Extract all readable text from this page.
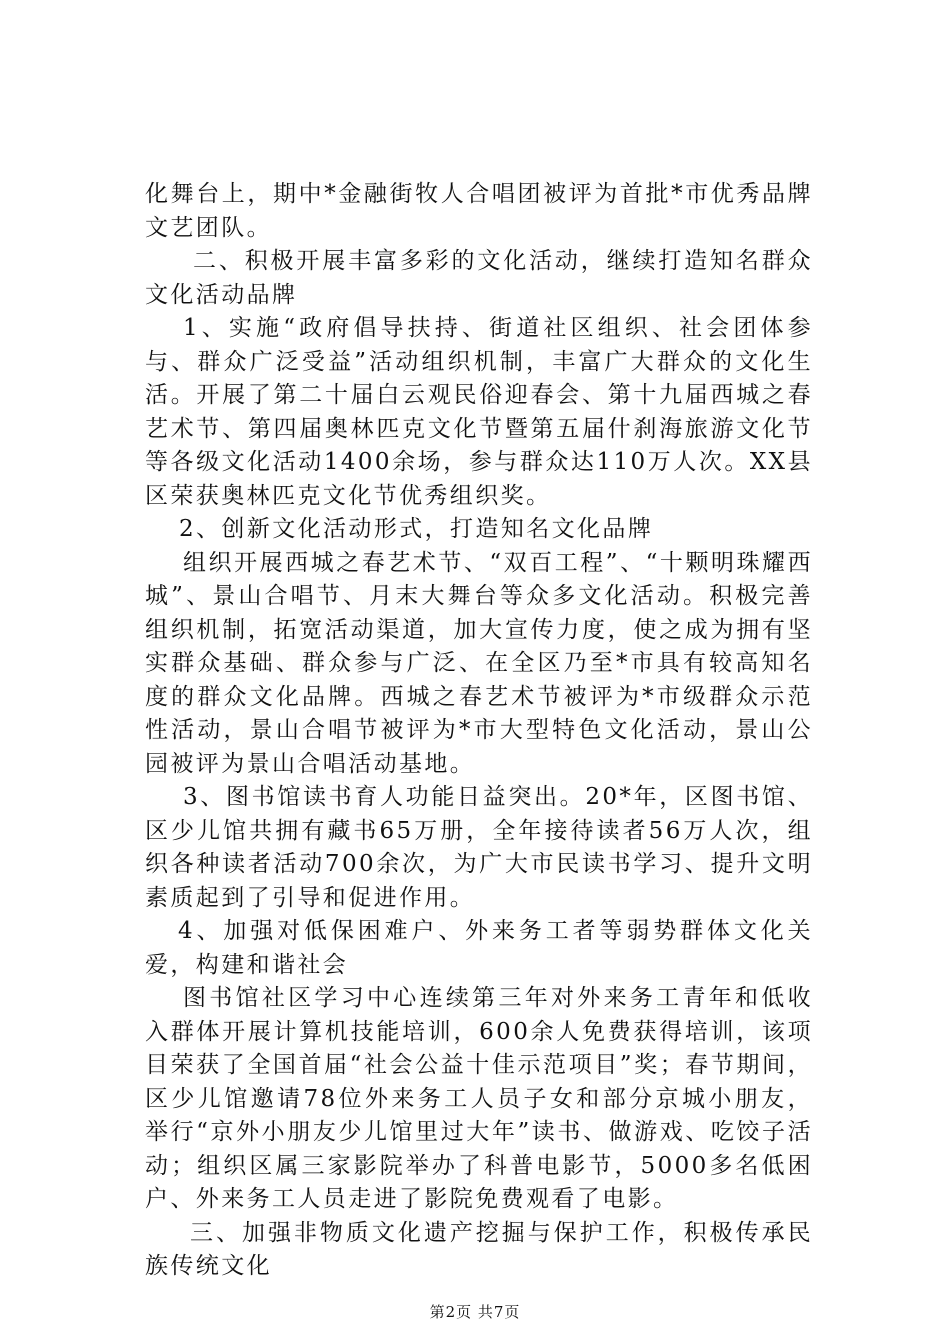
化舞台上，期中*金融街牧人合唱团被评为首批*市优秀品牌文艺团队。

二、积极开展丰富多彩的文化活动，继续打造知名群众文化活动品牌

1、实施“政府倡导扶持、街道社区组织、社会团体参与、群众广泛受益”活动组织机制，丰富广大群众的文化生活。开展了第二十届白云观民俗迎春会、第十九届西城之春艺术节、第四届奥林匹克文化节暨第五届什刹海旅游文化节等各级文化活动1400余场，参与群众达110万人次。XX县区荣获奥林匹克文化节优秀组织奖。

2、创新文化活动形式，打造知名文化品牌

组织开展西城之春艺术节、“双百工程”、“十颗明珠耀西城”、景山合唱节、月末大舞台等众多文化活动。积极完善组织机制，拓宽活动渠道，加大宣传力度，使之成为拥有坚实群众基础、群众参与广泛、在全区乃至*市具有较高知名度的群众文化品牌。西城之春艺术节被评为*市级群众示范性活动，景山合唱节被评为*市大型特色文化活动，景山公园被评为景山合唱活动基地。

3、图书馆读书育人功能日益突出。20*年，区图书馆、区少儿馆共拥有藏书65万册，全年接待读者56万人次，组织各种读者活动700余次，为广大市民读书学习、提升文明素质起到了引导和促进作用。

4、加强对低保困难户、外来务工者等弱势群体文化关爱，构建和谐社会

图书馆社区学习中心连续第三年对外来务工青年和低收入群体开展计算机技能培训，600余人免费获得培训，该项目荣获了全国首届“社会公益十佳示范项目”奖；春节期间，区少儿馆邀请78位外来务工人员子女和部分京城小朋友，举行“京外小朋友少儿馆里过大年”读书、做游戏、吃饺子活动；组织区属三家影院举办了科普电影节，5000多名低困户、外来务工人员走进了影院免费观看了电影。

三、加强非物质文化遗产挖掘与保护工作，积极传承民族传统文化

第2页 共7页
